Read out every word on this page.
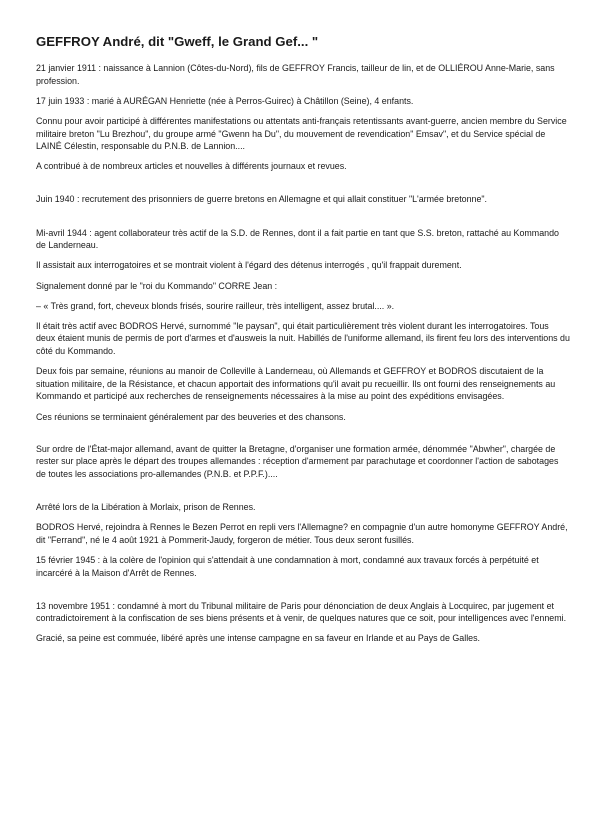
GEFFROY André, dit "Gweff, le Grand Gef... "

21 janvier 1911 : naissance à Lannion (Côtes-du-Nord), fils de GEFFROY Francis, tailleur de lin, et de OLLIÉROU Anne-Marie, sans profession.

17 juin 1933 : marié à AURÉGAN Henriette (née à Perros-Guirec) à Châtillon (Seine), 4 enfants.

Connu pour avoir participé à différentes manifestations ou attentats anti-français retentissants avant-guerre, ancien membre du Service militaire breton "Lu Brezhou", du groupe armé "Gwenn ha Du", du mouvement de revendication" Emsav", et du Service spécial de LAINÉ Célestin, responsable du P.N.B. de Lannion....

A contribué à de nombreux articles et nouvelles à différents journaux et revues.

Juin 1940 : recrutement des prisonniers de guerre bretons en Allemagne et qui allait constituer "L'armée bretonne".

Mi-avril 1944 : agent collaborateur très actif de la S.D. de Rennes, dont il a fait partie en tant que S.S. breton, rattaché au Kommando de Landerneau.

Il assistait aux interrogatoires et se montrait violent à l'égard des détenus interrogés , qu'il frappait durement.

Signalement donné par le "roi du Kommando" CORRE Jean :

– « Très grand, fort, cheveux blonds frisés, sourire railleur, très intelligent, assez brutal.... ».

Il était très actif avec BODROS Hervé, surnommé "le paysan", qui était particulièrement très violent durant les interrogatoires. Tous deux étaient munis de permis de port d'armes et d'ausweis la nuit. Habillés de l'uniforme allemand, ils firent feu lors des interventions du côté du Kommando.

Deux fois par semaine, réunions au manoir de Colleville à Landerneau, où Allemands et GEFFROY et BODROS discutaient de la situation militaire, de la Résistance, et chacun apportait des informations qu'il avait pu recueillir. Ils ont fourni des renseignements au Kommando et participé aux recherches de renseignements nécessaires à la mise au point des expéditions envisagées.

Ces réunions se terminaient généralement par des beuveries et des chansons.

Sur ordre de l'État-major allemand, avant de quitter la Bretagne, d'organiser une formation armée, dénommée "Abwher", chargée de rester sur place après le départ des troupes allemandes : réception d'armement par parachutage et coordonner l'action de sabotages de toutes les associations pro-allemandes (P.N.B. et P.P.F.)....

Arrêté lors de la Libération à Morlaix, prison de Rennes.

BODROS Hervé, rejoindra à Rennes le Bezen Perrot en repli vers l'Allemagne? en compagnie d'un autre homonyme GEFFROY André, dit "Ferrand", né le 4 août 1921 à Pommerit-Jaudy, forgeron de métier. Tous deux seront fusillés.

15 février 1945 : à la colère de l'opinion qui s'attendait à une condamnation à mort, condamné aux travaux forcés à perpétuité et incarcéré à la Maison d'Arrêt de Rennes.

13 novembre 1951 : condamné à mort du Tribunal militaire de Paris pour dénonciation de deux Anglais à Locquirec, par jugement et contradictoirement à la confiscation de ses biens présents et à venir, de quelques natures que ce soit, pour intelligences avec l'ennemi.

Gracié, sa peine est commuée, libéré après une intense campagne en sa faveur en Irlande et au Pays de Galles.
